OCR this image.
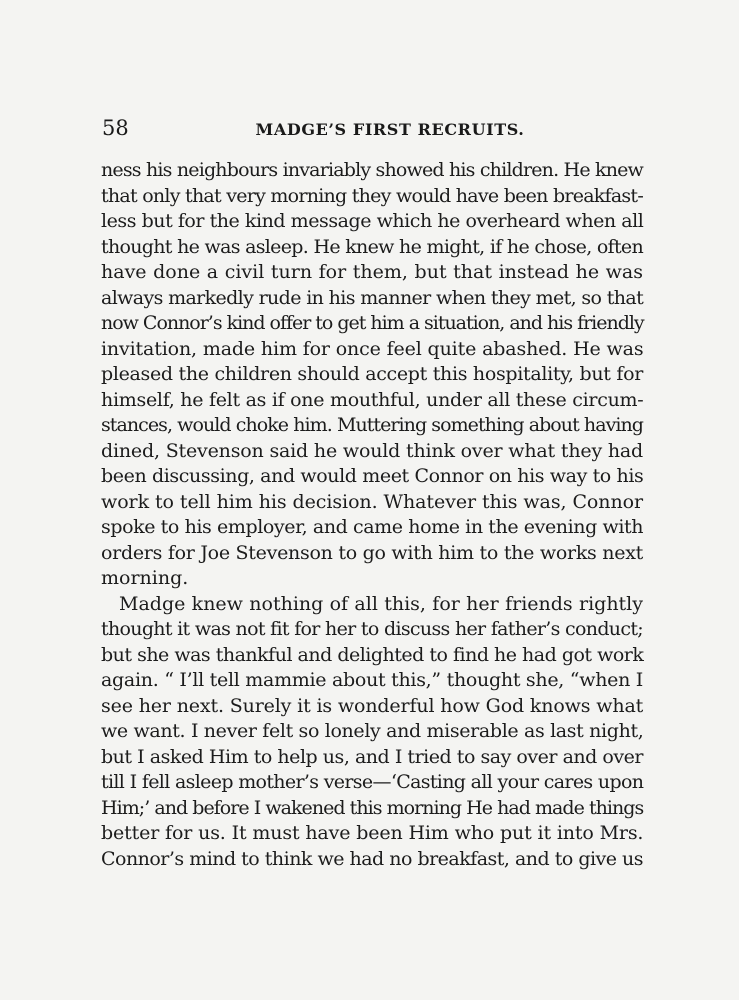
58	MADGE’S FIRST RECRUITS.
ness his neighbours invariably showed his children. He knew
that only that very morning they would have been breakfast-
less but for the kind message which he overheard when all
thought he was asleep. He knew he might, if he chose, often
have done a civil turn for them, but that instead he was
always markedly rude in his manner when they met, so that
now Connor’s kind offer to get him a situation, and his friendly
invitation, made him for once feel quite abashed. He was
pleased the children should accept this hospitality, but for
himself, he felt as if one mouthful, under all these circum-
stances, would choke him. Muttering something about having
dined, Stevenson said he would think over what they had
been discussing, and would meet Connor on his way to his
work to tell him his decision. Whatever this was, Connor
spoke to his employer, and came home in the evening with
orders for Joe Stevenson to go with him to the works next
morning.
Madge knew nothing of all this, for her friends rightly
thought it was not fit for her to discuss her father’s conduct;
but she was thankful and delighted to find he had got work
again. “ I’ll tell mammie about this,” thought she, “when I
see her next. Surely it is wonderful how God knows what
we want. I never felt so lonely and miserable as last night,
but I asked Him to help us, and I tried to say over and over
till I fell asleep mother’s verse—‘Casting all your cares upon
Him;’ and before I wakened this morning He had made things
better for us. It must have been Him who put it into Mrs.
Connor’s mind to think we had no breakfast, and to give us
